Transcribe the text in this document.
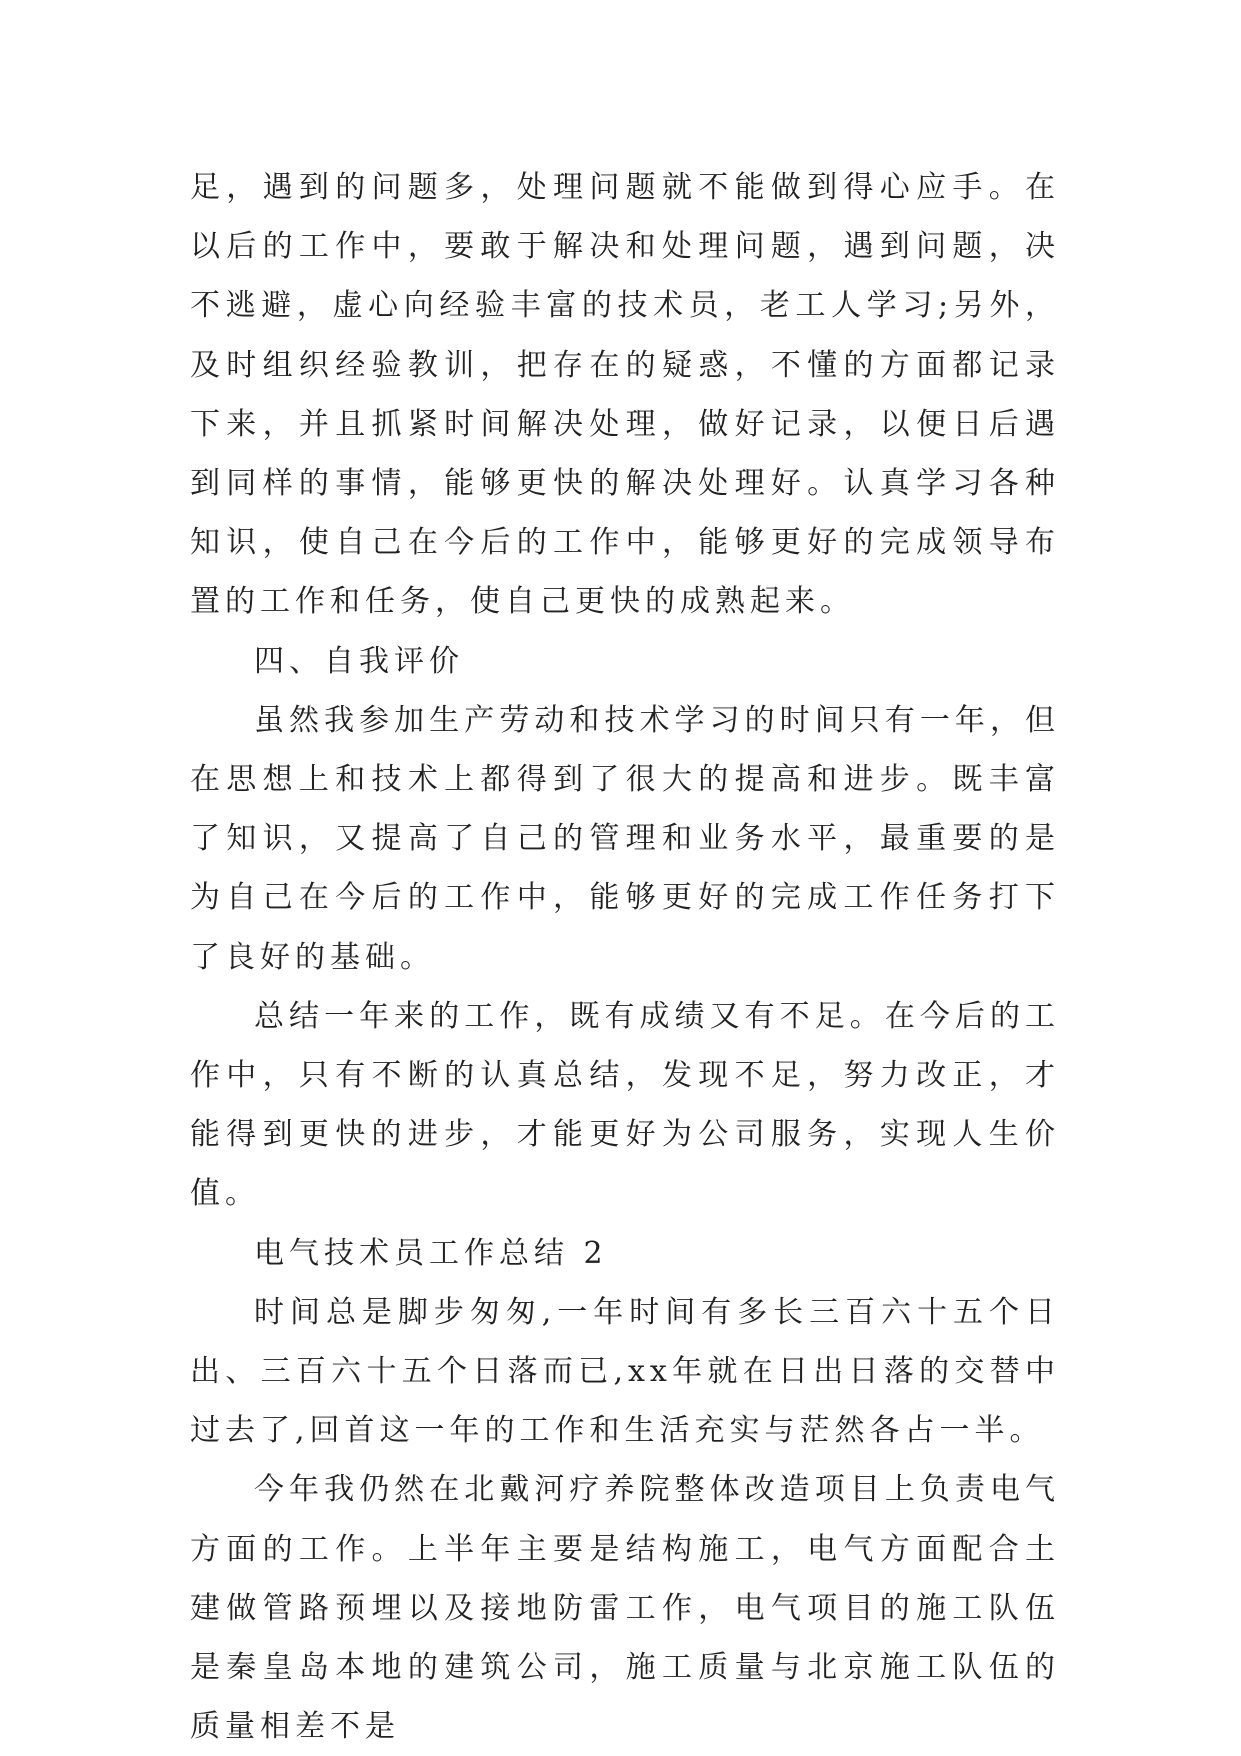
足，遇到的问题多，处理问题就不能做到得心应手。在以后的工作中，要敢于解决和处理问题，遇到问题，决不逃避，虚心向经验丰富的技术员，老工人学习;另外，及时组织经验教训，把存在的疑惑，不懂的方面都记录下来，并且抓紧时间解决处理，做好记录，以便日后遇到同样的事情，能够更快的解决处理好。认真学习各种知识，使自己在今后的工作中，能够更好的完成领导布置的工作和任务，使自己更快的成熟起来。

四、自我评价

虽然我参加生产劳动和技术学习的时间只有一年，但在思想上和技术上都得到了很大的提高和进步。既丰富了知识，又提高了自己的管理和业务水平，最重要的是为自己在今后的工作中，能够更好的完成工作任务打下了良好的基础。

总结一年来的工作，既有成绩又有不足。在今后的工作中，只有不断的认真总结，发现不足，努力改正，才能得到更快的进步，才能更好为公司服务，实现人生价值。

电气技术员工作总结 2

时间总是脚步匆匆,一年时间有多长三百六十五个日出、三百六十五个日落而已,xx年就在日出日落的交替中过去了,回首这一年的工作和生活充实与茫然各占一半。

今年我仍然在北戴河疗养院整体改造项目上负责电气方面的工作。上半年主要是结构施工，电气方面配合土建做管路预埋以及接地防雷工作，电气项目的施工队伍是秦皇岛本地的建筑公司，施工质量与北京施工队伍的质量相差不是
